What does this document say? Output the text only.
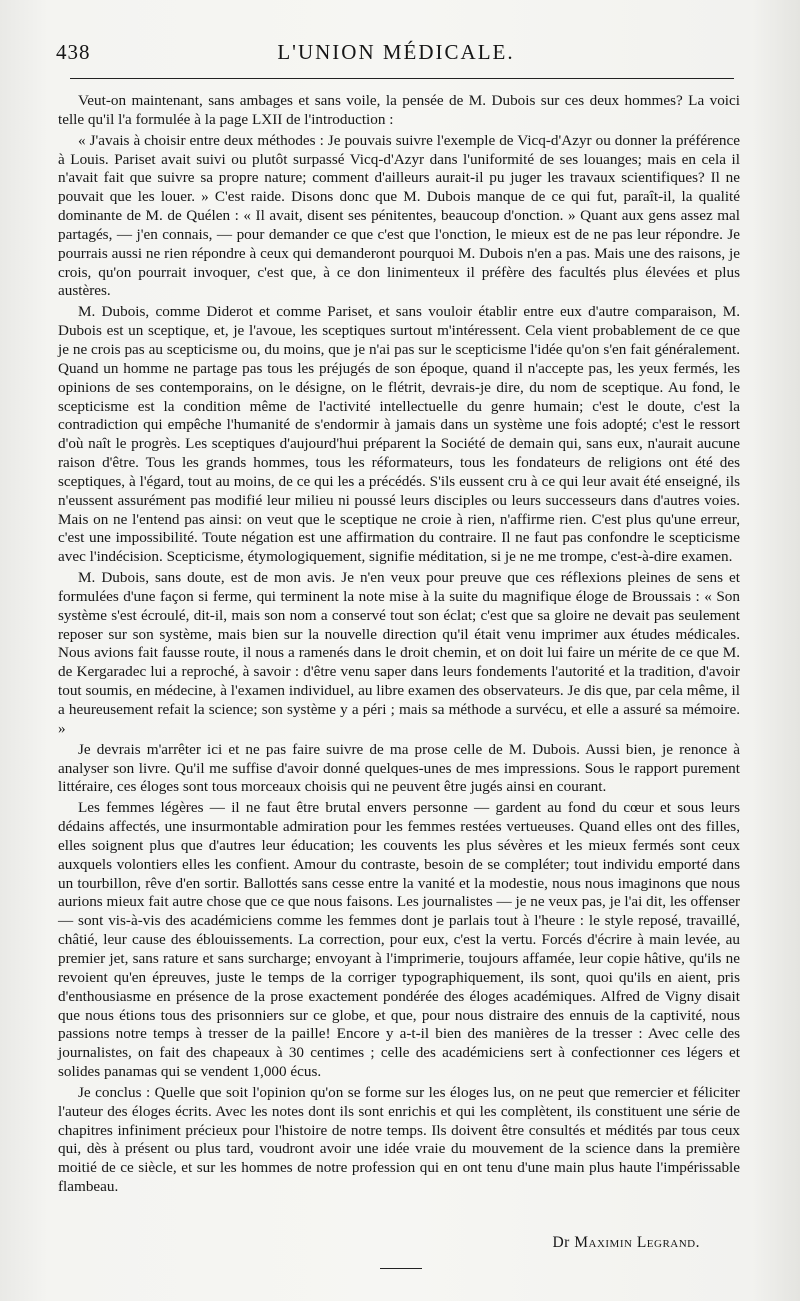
438	L'UNION MÉDICALE.

Veut-on maintenant, sans ambages et sans voile, la pensée de M. Dubois sur ces deux hommes? La voici telle qu'il l'a formulée à la page LXII de l'introduction :

« J'avais à choisir entre deux méthodes : Je pouvais suivre l'exemple de Vicq-d'Azyr ou donner la préférence à Louis. Pariset avait suivi ou plutôt surpassé Vicq-d'Azyr dans l'uniformité de ses louanges; mais en cela il n'avait fait que suivre sa propre nature; comment d'ailleurs aurait-il pu juger les travaux scientifiques? Il ne pouvait que les louer. » C'est raide. Disons donc que M. Dubois manque de ce qui fut, paraît-il, la qualité dominante de M. de Quélen : « Il avait, disent ses pénitentes, beaucoup d'onction. » Quant aux gens assez mal partagés, — j'en connais, — pour demander ce que c'est que l'onction, le mieux est de ne pas leur répondre. Je pourrais aussi ne rien répondre à ceux qui demanderont pourquoi M. Dubois n'en a pas. Mais une des raisons, je crois, qu'on pourrait invoquer, c'est que, à ce don linimenteux il préfère des facultés plus élevées et plus austères.

M. Dubois, comme Diderot et comme Pariset, et sans vouloir établir entre eux d'autre comparaison, M. Dubois est un sceptique, et, je l'avoue, les sceptiques surtout m'intéressent. Cela vient probablement de ce que je ne crois pas au scepticisme ou, du moins, que je n'ai pas sur le scepticisme l'idée qu'on s'en fait généralement. Quand un homme ne partage pas tous les préjugés de son époque, quand il n'accepte pas, les yeux fermés, les opinions de ses contemporains, on le désigne, on le flétrit, devrais-je dire, du nom de sceptique. Au fond, le scepticisme est la condition même de l'activité intellectuelle du genre humain; c'est le doute, c'est la contradiction qui empêche l'humanité de s'endormir à jamais dans un système une fois adopté; c'est le ressort d'où naît le progrès. Les sceptiques d'aujourd'hui préparent la Société de demain qui, sans eux, n'aurait aucune raison d'être. Tous les grands hommes, tous les réformateurs, tous les fondateurs de religions ont été des sceptiques, à l'égard, tout au moins, de ce qui les a précédés. S'ils eussent cru à ce qui leur avait été enseigné, ils n'eussent assurément pas modifié leur milieu ni poussé leurs disciples ou leurs successeurs dans d'autres voies. Mais on ne l'entend pas ainsi: on veut que le sceptique ne croie à rien, n'affirme rien. C'est plus qu'une erreur, c'est une impossibilité. Toute négation est une affirmation du contraire. Il ne faut pas confondre le scepticisme avec l'indécision. Scepticisme, étymologiquement, signifie méditation, si je ne me trompe, c'est-à-dire examen.

M. Dubois, sans doute, est de mon avis. Je n'en veux pour preuve que ces réflexions pleines de sens et formulées d'une façon si ferme, qui terminent la note mise à la suite du magnifique éloge de Broussais : « Son système s'est écroulé, dit-il, mais son nom a conservé tout son éclat; c'est que sa gloire ne devait pas seulement reposer sur son système, mais bien sur la nouvelle direction qu'il était venu imprimer aux études médicales. Nous avions fait fausse route, il nous a ramenés dans le droit chemin, et on doit lui faire un mérite de ce que M. de Kergaradec lui a reproché, à savoir : d'être venu saper dans leurs fondements l'autorité et la tradition, d'avoir tout soumis, en médecine, à l'examen individuel, au libre examen des observateurs. Je dis que, par cela même, il a heureusement refait la science; son système y a péri ; mais sa méthode a survécu, et elle a assuré sa mémoire. »

Je devrais m'arrêter ici et ne pas faire suivre de ma prose celle de M. Dubois. Aussi bien, je renonce à analyser son livre. Qu'il me suffise d'avoir donné quelques-unes de mes impressions. Sous le rapport purement littéraire, ces éloges sont tous morceaux choisis qui ne peuvent être jugés ainsi en courant.

Les femmes légères — il ne faut être brutal envers personne — gardent au fond du cœur et sous leurs dédains affectés, une insurmontable admiration pour les femmes restées vertueuses. Quand elles ont des filles, elles soignent plus que d'autres leur éducation; les couvents les plus sévères et les mieux fermés sont ceux auxquels volontiers elles les confient. Amour du contraste, besoin de se compléter; tout individu emporté dans un tourbillon, rêve d'en sortir. Ballottés sans cesse entre la vanité et la modestie, nous nous imaginons que nous aurions mieux fait autre chose que ce que nous faisons. Les journalistes — je ne veux pas, je l'ai dit, les offenser — sont vis-à-vis des académiciens comme les femmes dont je parlais tout à l'heure : le style reposé, travaillé, châtié, leur cause des éblouissements. La correction, pour eux, c'est la vertu. Forcés d'écrire à main levée, au premier jet, sans rature et sans surcharge; envoyant à l'imprimerie, toujours affamée, leur copie hâtive, qu'ils ne revoient qu'en épreuves, juste le temps de la corriger typographiquement, ils sont, quoi qu'ils en aient, pris d'enthousiasme en présence de la prose exactement pondérée des éloges académiques. Alfred de Vigny disait que nous étions tous des prisonniers sur ce globe, et que, pour nous distraire des ennuis de la captivité, nous passions notre temps à tresser de la paille! Encore y a-t-il bien des manières de la tresser : Avec celle des journalistes, on fait des chapeaux à 30 centimes ; celle des académiciens sert à confectionner ces légers et solides panamas qui se vendent 1,000 écus.

Je conclus : Quelle que soit l'opinion qu'on se forme sur les éloges lus, on ne peut que remercier et féliciter l'auteur des éloges écrits. Avec les notes dont ils sont enrichis et qui les complètent, ils constituent une série de chapitres infiniment précieux pour l'histoire de notre temps. Ils doivent être consultés et médités par tous ceux qui, dès à présent ou plus tard, voudront avoir une idée vraie du mouvement de la science dans la première moitié de ce siècle, et sur les hommes de notre profession qui en ont tenu d'une main plus haute l'impérissable flambeau.

Dr Maximin Legrand.
